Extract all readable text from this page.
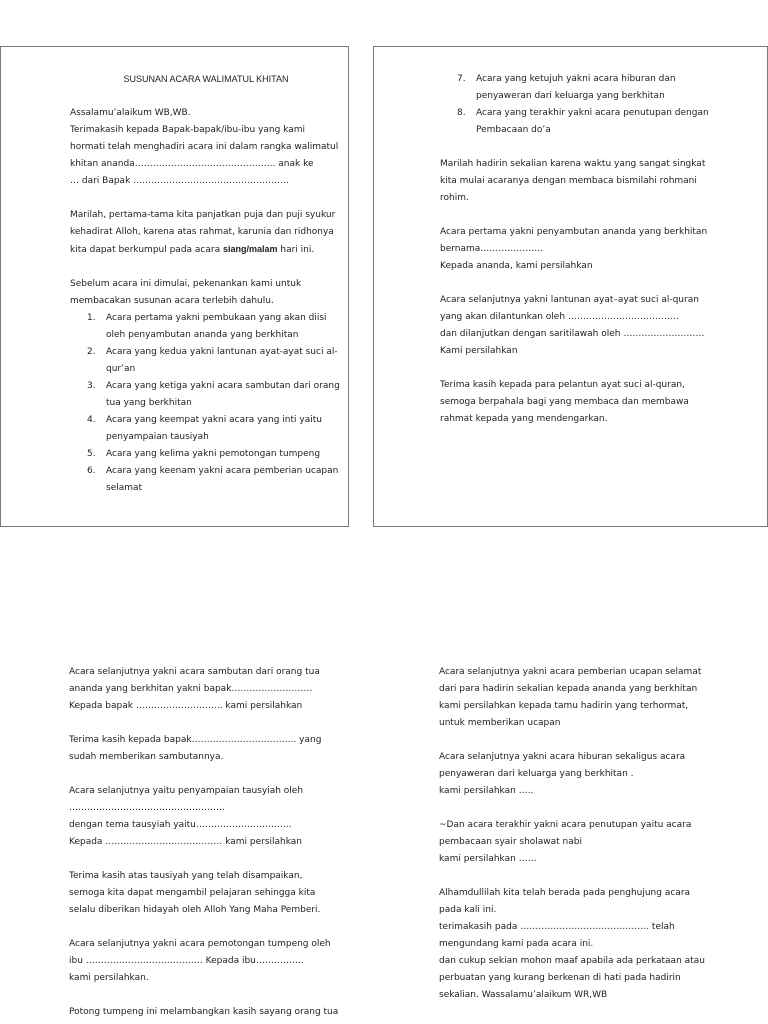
SUSUNAN ACARA WALIMATUL KHITAN

Assalamu’alaikum WB,WB.

Terimakasih kepada Bapak-bapak/ibu-ibu yang kami

hormati telah menghadiri acara ini dalam rangka walimatul

khitan ananda……………………………………….. anak ke

… dari Bapak …………………………………………….

Marilah, pertama-tama kita panjatkan puja dan puji syukur

kehadirat Alloh, karena atas rahmat, karunia dan ridhonya

kita dapat berkumpul pada acara siang/malam hari ini.

Sebelum acara ini dimulai, pekenankan kami untuk

membacakan susunan acara terlebih dahulu.

1. Acara pertama yakni pembukaan yang akan diisi
oleh penyambutan ananda yang berkhitan
2. Acara yang kedua yakni lantunan ayat-ayat suci al-
qur’an
3. Acara yang ketiga yakni acara sambutan dari orang
tua yang berkhitan
4. Acara yang keempat yakni acara yang inti yaitu
penyampaian tausiyah
5. Acara yang kelima yakni pemotongan tumpeng
6. Acara yang keenam yakni acara pemberian ucapan
selamat
7. Acara yang ketujuh yakni acara hiburan dan
penyaweran dari keluarga yang berkhitan
8. Acara yang terakhir yakni acara penutupan dengan
Pembacaan do’a

Marilah hadirin sekalian karena waktu yang sangat singkat

kita mulai acaranya dengan membaca bismilahi rohmani

rohim.

Acara pertama yakni penyambutan ananda yang berkhitan

bernama…………………

Kepada ananda, kami persilahkan

Acara selanjutnya yakni lantunan ayat–ayat suci al-quran

yang akan dilantunkan oleh ……………………………….

dan dilanjutkan dengan saritilawah oleh ………………………

Kami persilahkan

Terima kasih kepada para pelantun ayat suci al-quran,

semoga berpahala bagi yang membaca dan membawa

rahmat kepada yang mendengarkan.

Acara selanjutnya yakni acara sambutan dari orang tua

ananda yang berkhitan yakni bapak………………………

Kepada bapak ……………………….. kami persilahkan

Terima kasih kepada bapak…………………………….. yang

sudah memberikan sambutannya.

Acara selanjutnya yaitu penyampaian tausyiah oleh

…………………………………………….

dengan tema tausyiah yaitu…………………………..

Kepada ………………………………… kami persilahkan

Terima kasih atas tausiyah yang telah disampaikan,

semoga kita dapat mengambil pelajaran sehingga kita

selalu diberikan hidayah oleh Alloh Yang Maha Pemberi.

Acara selanjutnya yakni acara pemotongan tumpeng oleh

ibu ………………………………… Kepada ibu…………….

kami persilahkan.

Potong tumpeng ini melambangkan kasih sayang orang tua

Acara selanjutnya yakni acara pemberian ucapan selamat

dari para hadirin sekalian kepada ananda yang berkhitan

kami persilahkan kepada tamu hadirin yang terhormat,

untuk memberikan ucapan

Acara selanjutnya yakni acara hiburan sekaligus acara

penyaweran dari keluarga yang berkhitan .

kami persilahkan …..

~Dan acara terakhir yakni acara penutupan yaitu acara

pembacaan syair sholawat nabi

kami persilahkan ……

Alhamdullilah kita telah berada pada penghujung acara

pada kali ini.

terimakasih pada ……………………………………. telah

mengundang kami pada acara ini.

dan cukup sekian mohon maaf apabila ada perkataan atau

perbuatan yang kurang berkenan di hati pada hadirin

sekalian. Wassalamu’alaikum WR,WB
